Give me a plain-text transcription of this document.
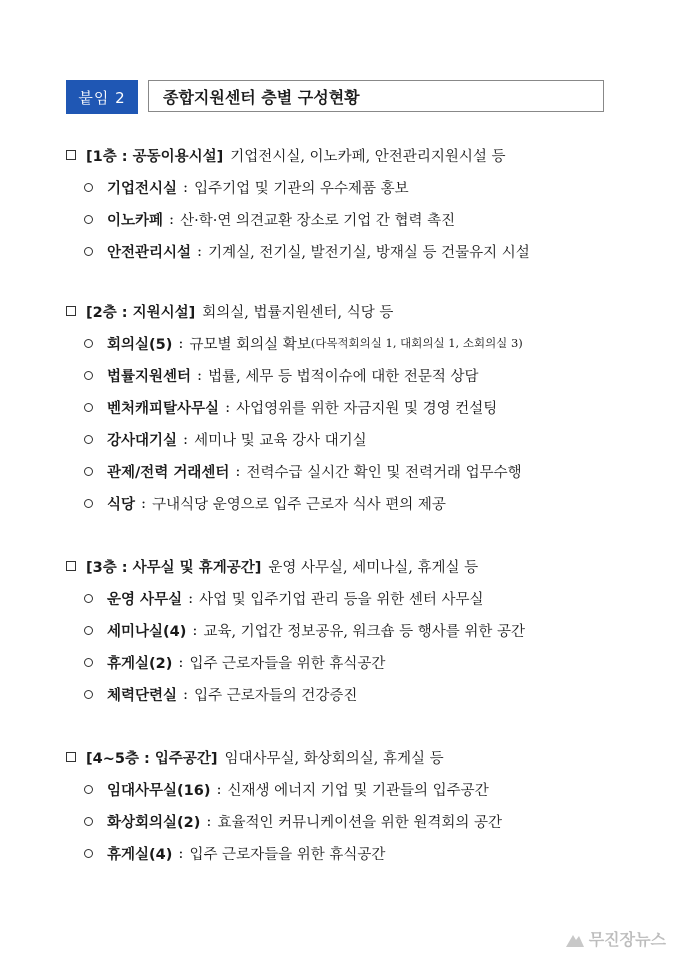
붙임 2	종합지원센터 층별 구성현황
[1층 : 공동이용시설] 기업전시실, 이노카페, 안전관리지원시설 등
기업전시실 : 입주기업 및 기관의 우수제품 홍보
이노카페 : 산·학·연 의견교환 장소로 기업 간 협력 촉진
안전관리시설 : 기계실, 전기실, 발전기실, 방재실 등 건물유지 시설
[2층 : 지원시설] 회의실, 법률지원센터, 식당 등
회의실(5) : 규모별 회의실 확보 (다목적회의실 1, 대회의실 1, 소회의실 3)
법률지원센터 : 법률, 세무 등 법적이슈에 대한 전문적 상담
벤처캐피탈사무실 : 사업영위를 위한 자금지원 및 경영 컨설팅
강사대기실 : 세미나 및 교육 강사 대기실
관제/전력 거래센터 : 전력수급 실시간 확인 및 전력거래 업무수행
식당 : 구내식당 운영으로 입주 근로자 식사 편의 제공
[3층 : 사무실 및 휴게공간] 운영 사무실, 세미나실, 휴게실 등
운영 사무실 : 사업 및 입주기업 관리 등을 위한 센터 사무실
세미나실(4) : 교육, 기업간 정보공유, 워크숍 등 행사를 위한 공간
휴게실(2) : 입주 근로자들을 위한 휴식공간
체력단련실 : 입주 근로자들의 건강증진
[4~5층 : 입주공간] 임대사무실, 화상회의실, 휴게실 등
임대사무실(16) : 신재생 에너지 기업 및 기관들의 입주공간
화상회의실(2) : 효율적인 커뮤니케이션을 위한 원격회의 공간
휴게실(4) : 입주 근로자들을 위한 휴식공간
무진장뉴스
